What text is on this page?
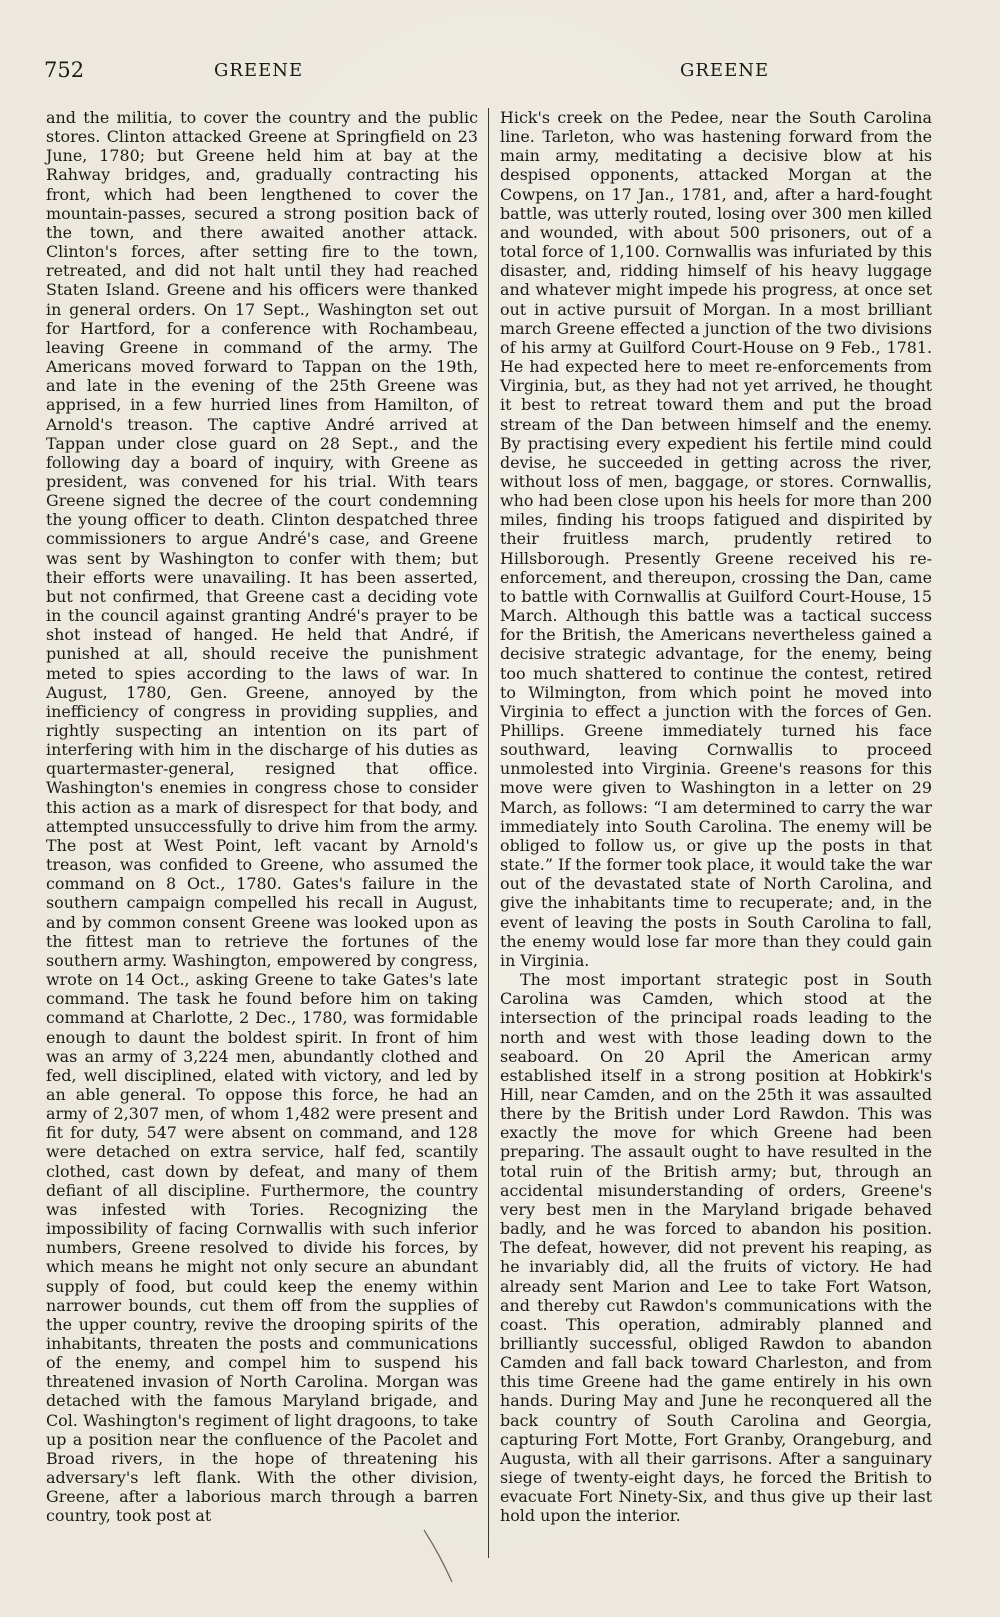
752	GREENE	GREENE

and the militia, to cover the country and the public stores. Clinton attacked Greene at Springfield on 23 June, 1780; but Greene held him at bay at the Rahway bridges, and, gradually contracting his front, which had been lengthened to cover the mountain-passes, secured a strong position back of the town, and there awaited another attack. Clinton's forces, after setting fire to the town, retreated, and did not halt until they had reached Staten Island. Greene and his officers were thanked in general orders. On 17 Sept., Washington set out for Hartford, for a conference with Rochambeau, leaving Greene in command of the army. The Americans moved forward to Tappan on the 19th, and late in the evening of the 25th Greene was apprised, in a few hurried lines from Hamilton, of Arnold's treason. The captive André arrived at Tappan under close guard on 28 Sept., and the following day a board of inquiry, with Greene as president, was convened for his trial. With tears Greene signed the decree of the court condemning the young officer to death. Clinton despatched three commissioners to argue André's case, and Greene was sent by Washington to confer with them; but their efforts were unavailing. It has been asserted, but not confirmed, that Greene cast a deciding vote in the council against granting André's prayer to be shot instead of hanged. He held that André, if punished at all, should receive the punishment meted to spies according to the laws of war. In August, 1780, Gen. Greene, annoyed by the inefficiency of congress in providing supplies, and rightly suspecting an intention on its part of interfering with him in the discharge of his duties as quartermaster-general, resigned that office. Washington's enemies in congress chose to consider this action as a mark of disrespect for that body, and attempted unsuccessfully to drive him from the army. The post at West Point, left vacant by Arnold's treason, was confided to Greene, who assumed the command on 8 Oct., 1780. Gates's failure in the southern campaign compelled his recall in August, and by common consent Greene was looked upon as the fittest man to retrieve the fortunes of the southern army. Washington, empowered by congress, wrote on 14 Oct., asking Greene to take Gates's late command. The task he found before him on taking command at Charlotte, 2 Dec., 1780, was formidable enough to daunt the boldest spirit. In front of him was an army of 3,224 men, abundantly clothed and fed, well disciplined, elated with victory, and led by an able general. To oppose this force, he had an army of 2,307 men, of whom 1,482 were present and fit for duty, 547 were absent on command, and 128 were detached on extra service, half fed, scantily clothed, cast down by defeat, and many of them defiant of all discipline. Furthermore, the country was infested with Tories. Recognizing the impossibility of facing Cornwallis with such inferior numbers, Greene resolved to divide his forces, by which means he might not only secure an abundant supply of food, but could keep the enemy within narrower bounds, cut them off from the supplies of the upper country, revive the drooping spirits of the inhabitants, threaten the posts and communications of the enemy, and compel him to suspend his threatened invasion of North Carolina. Morgan was detached with the famous Maryland brigade, and Col. Washington's regiment of light dragoons, to take up a position near the confluence of the Pacolet and Broad rivers, in the hope of threatening his adversary's left flank. With the other division, Greene, after a laborious march through a barren country, took post at

Hick's creek on the Pedee, near the South Carolina line. Tarleton, who was hastening forward from the main army, meditating a decisive blow at his despised opponents, attacked Morgan at the Cowpens, on 17 Jan., 1781, and, after a hard-fought battle, was utterly routed, losing over 300 men killed and wounded, with about 500 prisoners, out of a total force of 1,100. Cornwallis was infuriated by this disaster, and, ridding himself of his heavy luggage and whatever might impede his progress, at once set out in active pursuit of Morgan. In a most brilliant march Greene effected a junction of the two divisions of his army at Guilford Court-House on 9 Feb., 1781. He had expected here to meet re-enforcements from Virginia, but, as they had not yet arrived, he thought it best to retreat toward them and put the broad stream of the Dan between himself and the enemy. By practising every expedient his fertile mind could devise, he succeeded in getting across the river, without loss of men, baggage, or stores. Cornwallis, who had been close upon his heels for more than 200 miles, finding his troops fatigued and dispirited by their fruitless march, prudently retired to Hillsborough. Presently Greene received his re-enforcement, and thereupon, crossing the Dan, came to battle with Cornwallis at Guilford Court-House, 15 March. Although this battle was a tactical success for the British, the Americans nevertheless gained a decisive strategic advantage, for the enemy, being too much shattered to continue the contest, retired to Wilmington, from which point he moved into Virginia to effect a junction with the forces of Gen. Phillips. Greene immediately turned his face southward, leaving Cornwallis to proceed unmolested into Virginia. Greene's reasons for this move were given to Washington in a letter on 29 March, as follows: “I am determined to carry the war immediately into South Carolina. The enemy will be obliged to follow us, or give up the posts in that state.” If the former took place, it would take the war out of the devastated state of North Carolina, and give the inhabitants time to recuperate; and, in the event of leaving the posts in South Carolina to fall, the enemy would lose far more than they could gain in Virginia.

The most important strategic post in South Carolina was Camden, which stood at the intersection of the principal roads leading to the north and west with those leading down to the seaboard. On 20 April the American army established itself in a strong position at Hobkirk's Hill, near Camden, and on the 25th it was assaulted there by the British under Lord Rawdon. This was exactly the move for which Greene had been preparing. The assault ought to have resulted in the total ruin of the British army; but, through an accidental misunderstanding of orders, Greene's very best men in the Maryland brigade behaved badly, and he was forced to abandon his position. The defeat, however, did not prevent his reaping, as he invariably did, all the fruits of victory. He had already sent Marion and Lee to take Fort Watson, and thereby cut Rawdon's communications with the coast. This operation, admirably planned and brilliantly successful, obliged Rawdon to abandon Camden and fall back toward Charleston, and from this time Greene had the game entirely in his own hands. During May and June he reconquered all the back country of South Carolina and Georgia, capturing Fort Motte, Fort Granby, Orangeburg, and Augusta, with all their garrisons. After a sanguinary siege of twenty-eight days, he forced the British to evacuate Fort Ninety-Six, and thus give up their last hold upon the interior.
